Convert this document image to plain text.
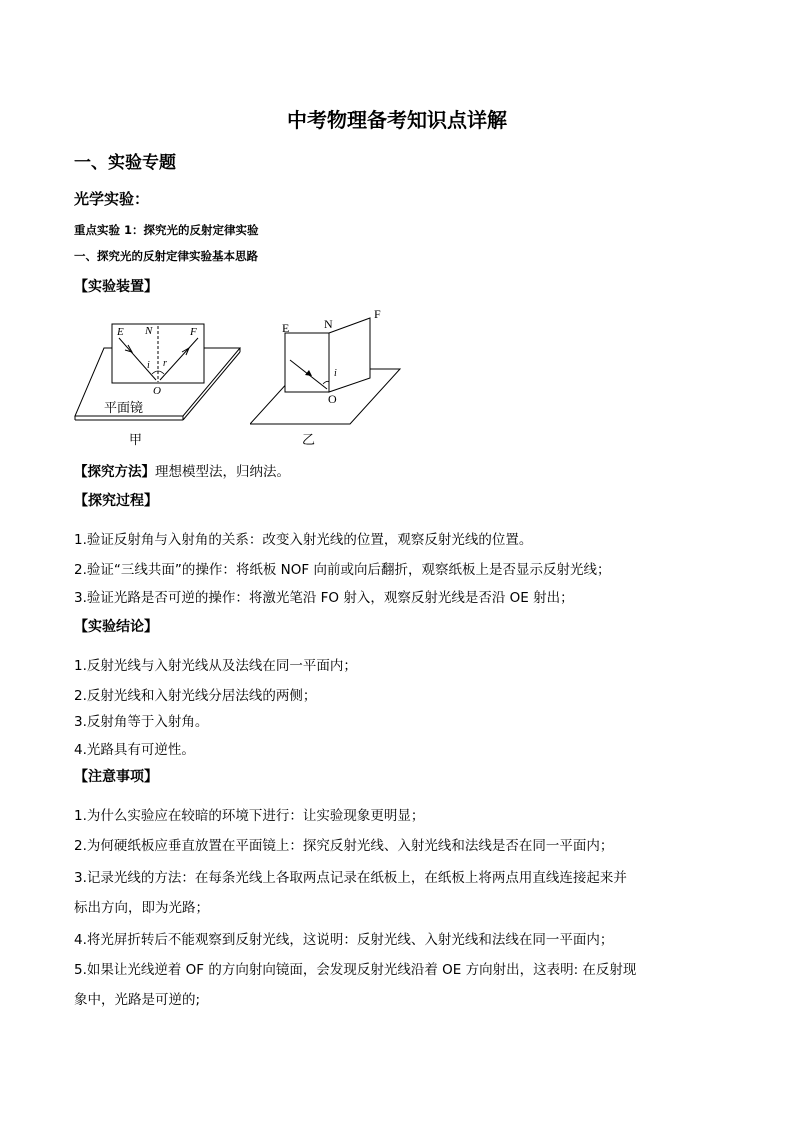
中考物理备考知识点详解
一、实验专题
光学实验：
重点实验 1：探究光的反射定律实验
一、探究光的反射定律实验基本思路
【实验装置】
E N	F
i r
O
平面镜
甲
E	N
F
i
O
乙
【探究方法】理想模型法，归纳法。
【探究过程】
1.验证反射角与入射角的关系：改变入射光线的位置，观察反射光线的位置。
2.验证“三线共面”的操作：将纸板 NOF 向前或向后翻折，观察纸板上是否显示反射光线；
3.验证光路是否可逆的操作：将激光笔沿 FO 射入，观察反射光线是否沿 OE 射出；
【实验结论】
1.反射光线与入射光线从及法线在同一平面内；
2.反射光线和入射光线分居法线的两侧；
3.反射角等于入射角。
4.光路具有可逆性。
【注意事项】
1.为什么实验应在较暗的环境下进行：让实验现象更明显；
2.为何硬纸板应垂直放置在平面镜上：探究反射光线、入射光线和法线是否在同一平面内；
3.记录光线的方法：在每条光线上各取两点记录在纸板上，在纸板上将两点用直线连接起来并
标出方向，即为光路；
4.将光屏折转后不能观察到反射光线，这说明：反射光线、入射光线和法线在同一平面内；
5.如果让光线逆着 OF 的方向射向镜面，会发现反射光线沿着 OE 方向射出，这表明: 在反射现
象中，光路是可逆的;
